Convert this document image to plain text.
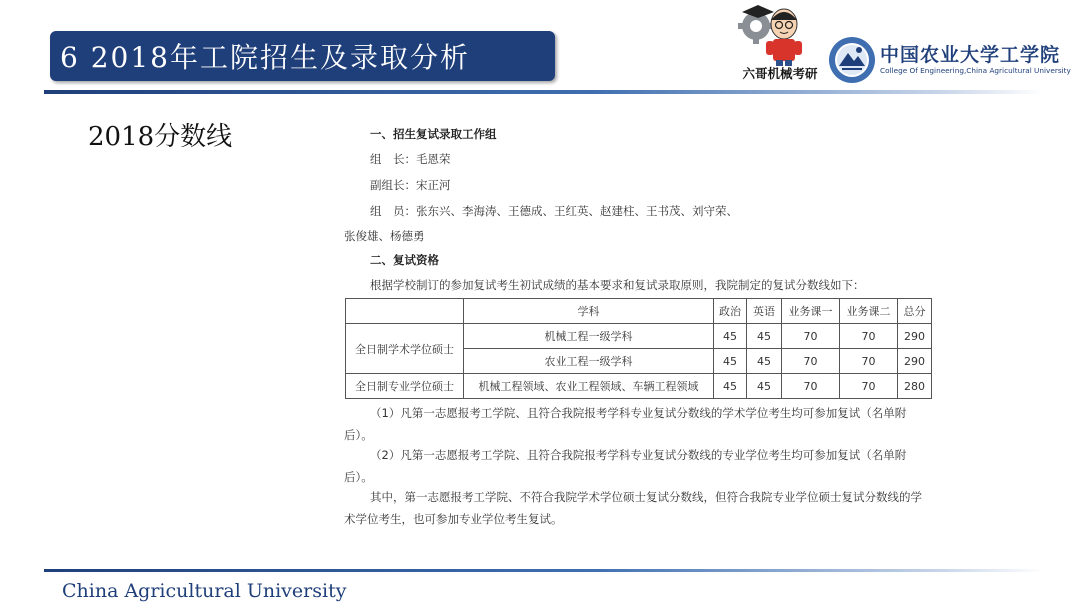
6 2018年工院招生及录取分析	六哥机械考研
中国农业大学工学院
College Of Engineering,China Agricultural University
2018分数线	一、招生复试录取工作组
组　长：毛恩荣
副组长：宋正河
组　员：张东兴、李海涛、王德成、王红英、赵建柱、王书茂、刘守荣、
张俊雄、杨德勇
二、复试资格
根据学校制订的参加复试考生初试成绩的基本要求和复试录取原则，我院制定的复试分数线如下：
	学科	政治	英语	业务课一	业务课二	总分
全日制学术学位硕士	机械工程一级学科	45	45	70	70	290
	农业工程一级学科	45	45	70	70	290
全日制专业学位硕士	机械工程领域、农业工程领域、车辆工程领域	45	45	70	70	280
（1）凡第一志愿报考工学院、且符合我院报考学科专业复试分数线的学术学位考生均可参加复试（名单附
后）。
（2）凡第一志愿报考工学院、且符合我院报考学科专业复试分数线的专业学位考生均可参加复试（名单附
后）。
其中，第一志愿报考工学院、不符合我院学术学位硕士复试分数线，但符合我院专业学位硕士复试分数线的学
术学位考生，也可参加专业学位考生复试。
China Agricultural University
